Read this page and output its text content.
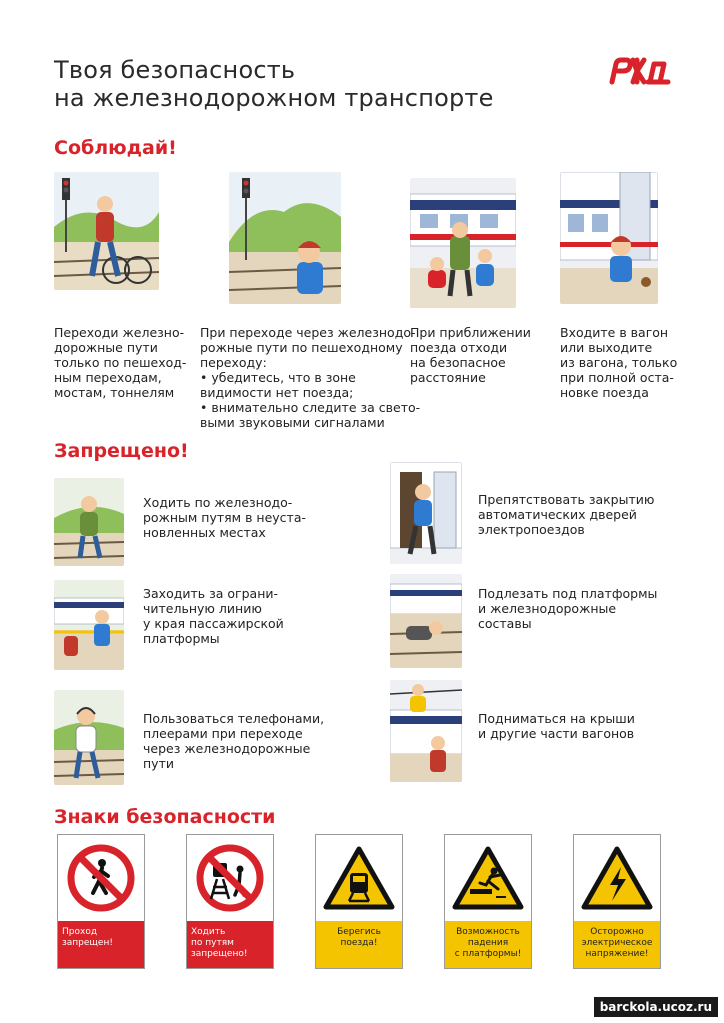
Твоя безопасность
на железнодорожном транспорте
Соблюдай!
Переходи железно-
дорожные пути
только по пешеход-
ным переходам,
мостам, тоннелям
При переходе через железнодо-
рожные пути по пешеходному
переходу:
• убедитесь, что в зоне
видимости нет поезда;
• внимательно следите за свето-
выми звуковыми сигналами
При приближении
поезда отходи
на безопасное
расстояние
Входите в вагон
или выходите
из вагона, только
при полной оста-
новке поезда
Запрещено!
Ходить по железнодо-
рожным путям в неуста-
новленных местах
Препятствовать закрытию
автоматических дверей
электропоездов
Заходить за ограни-
чительную линию
у края пассажирской
платформы
Подлезать под платформы
и железнодорожные
составы
Пользоваться телефонами,
плеерами при переходе
через железнодорожные
пути
Подниматься на крыши
и другие части вагонов
Знаки безопасности
Проход
запрещен!
Ходить
по путям
запрещено!
Берегись
поезда!
Возможность
падения
с платформы!
Осторожно
электрическое
напряжение!
barckola.ucoz.ru
